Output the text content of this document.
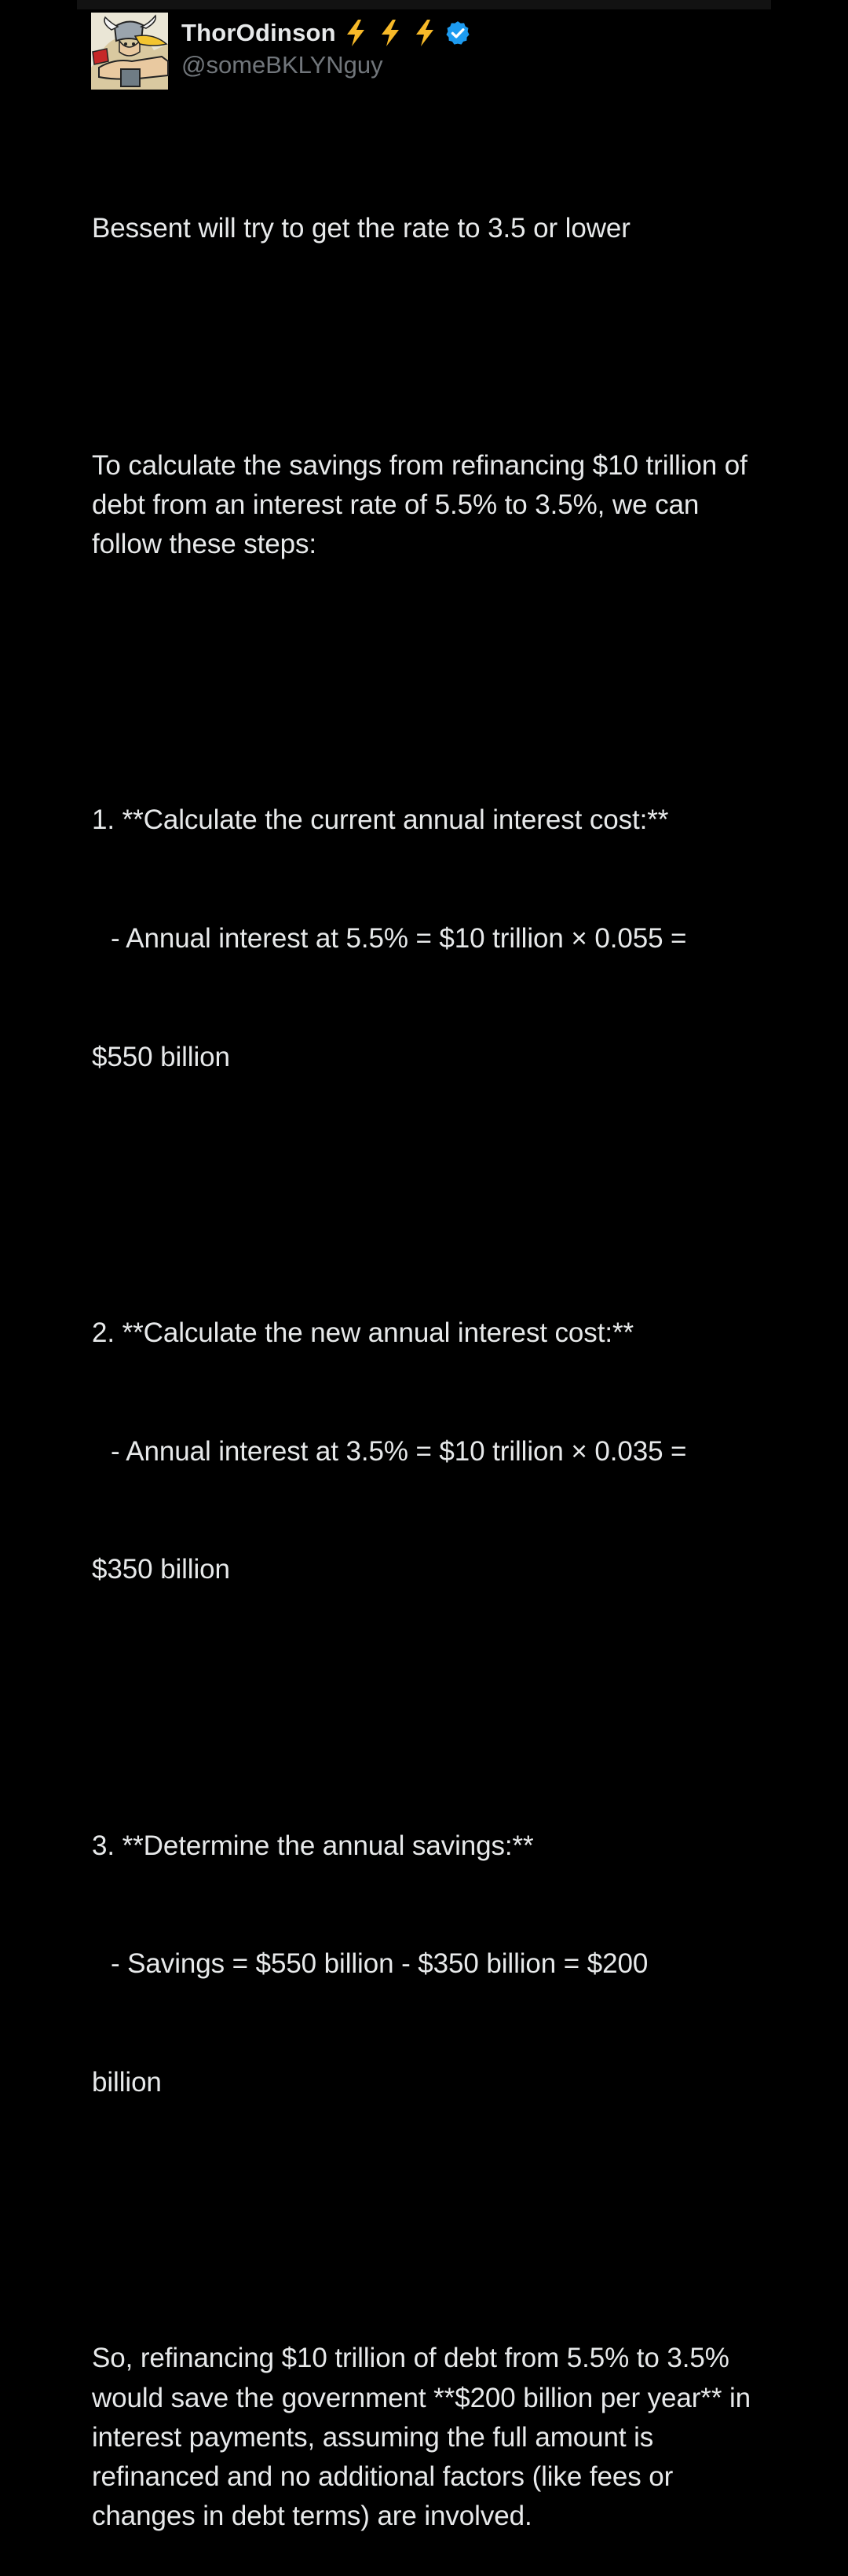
ThorOdinson
@someBKLYNguy

Bessent will try to get the rate to 3.5 or lower

To calculate the savings from refinancing $10 trillion of debt from an interest rate of 5.5% to 3.5%, we can follow these steps:

1. **Calculate the current annual interest cost:**

- Annual interest at 5.5% = $10 trillion × 0.055 =

$550 billion

2. **Calculate the new annual interest cost:**

- Annual interest at 3.5% = $10 trillion × 0.035 =

$350 billion

3. **Determine the annual savings:**

- Savings = $550 billion - $350 billion = $200

billion

So, refinancing $10 trillion of debt from 5.5% to 3.5% would save the government **$200 billion per year** in interest payments, assuming the full amount is refinanced and no additional factors (like fees or changes in debt terms) are involved.
